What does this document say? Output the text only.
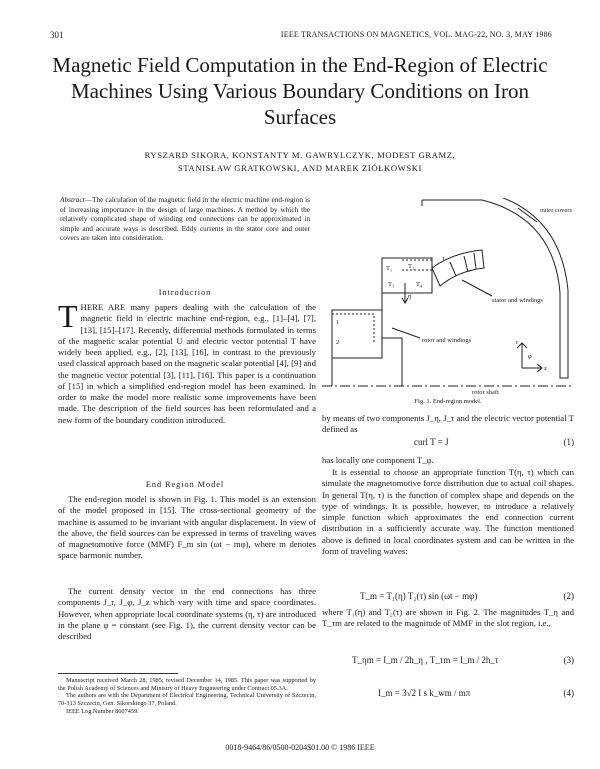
301	IEEE TRANSACTIONS ON MAGNETICS, VOL. MAG-22, NO. 3, MAY 1986
Magnetic Field Computation in the End-Region of Electric Machines Using Various Boundary Conditions on Iron Surfaces
RYSZARD SIKORA, KONSTANTY M. GAWRYLCZYK, MODEST GRAMZ,
STANISŁAW GRATKOWSKI, AND MAREK ZIÓŁKOWSKI
Abstract—The calculation of the magnetic field in the electric machine end-region is of increasing importance in the design of large machines. A method by which the relatively complicated shape of winding end connections can be approximated in simple and accurate ways is described. Eddy currents in the stator core and outer covers are taken into consideration.
Introduction
THERE ARE many papers dealing with the calculation of the magnetic field in electric machine end-region, e.g., [1]–[4], [7], [13], [15]–[17]. Recently, differential methods formulated in terms of the magnetic scalar potential U and electric vector potential T have widely been applied, e.g., [2], [13], [16], in contrast to the previously used classical approach based on the magnetic scalar potential [4], [9] and the magnetic vector potential [3], [11], [16]. This paper is a continuation of [15] in which a simplified end-region model has been examined. In order to make the model more realistic some improvements have been made. The description of the field sources has been reformulated and a new form of the boundary condition introduced.
End Region Model
The end-region model is shown in Fig. 1. This model is an extension of the model proposed in [15]. The cross-sectional geometry of the machine is assumed to be invariant with angular displacement. In view of the above, the field sources can be expressed in terms of traveling waves of magnetomotive force (MMF) F_m sin (ωt − mφ), where m denotes space harmonic number.
The current density vector in the end connections has three components J_r, J_φ, J_z which vary with time and space coordinates. However, when appropriate local coordinate systems (η, τ) are introduced in the plane φ = constant (see Fig. 1), the current density vector can be described
Manuscript received March 28, 1985; revised December 14, 1985. This paper was supported by the Polish Academy of Sciences and Ministry of Heavy Engineering under Contract 05.3A.
The authors are with the Department of Electrical Engineering, Technical University of Szczecin, 70-313 Szczecin, Gen. Sikorskiego 37, Poland.
IEEE Log Number 8607459.
outer covers
stator and windings
rotor and windings
rotor shaft
T₁ T₂
T₃	T₄
1
2
η
τ
φ
r
z
Fig. 1. End-region model.
by means of two components J_η, J_τ and the electric vector potential T defined as
curl T = J	(1)
has locally one component T_φ.
It is essential to choose an appropriate function T(η, τ) which can simulate the magnetomotive force distribution due to actual coil shapes. In general T(η, τ) is the function of complex shape and depends on the type of windings. It is possible, however, to introduce a relatively simple function which approximates the end connection current distribution in a sufficiently accurate way. The function mentioned above is defined in local coordinates system and can be written in the form of traveling waves:
T_m = T₁(η) T₂(τ) sin (ωt − mφ)	(2)
where T₁(η) and T₂(τ) are shown in Fig. 2. The magnitudes T_η and T_τm are related to the magnitude of MMF in the slot region, i.e.,
T_ηm = I_m / 2h_η , T_τm = I_m / 2h_τ	(3)
I_m = 3√2 I s k_wm / mπ	(4)
0018-9464/86/0500-0204$01.00 © 1986 IEEE
